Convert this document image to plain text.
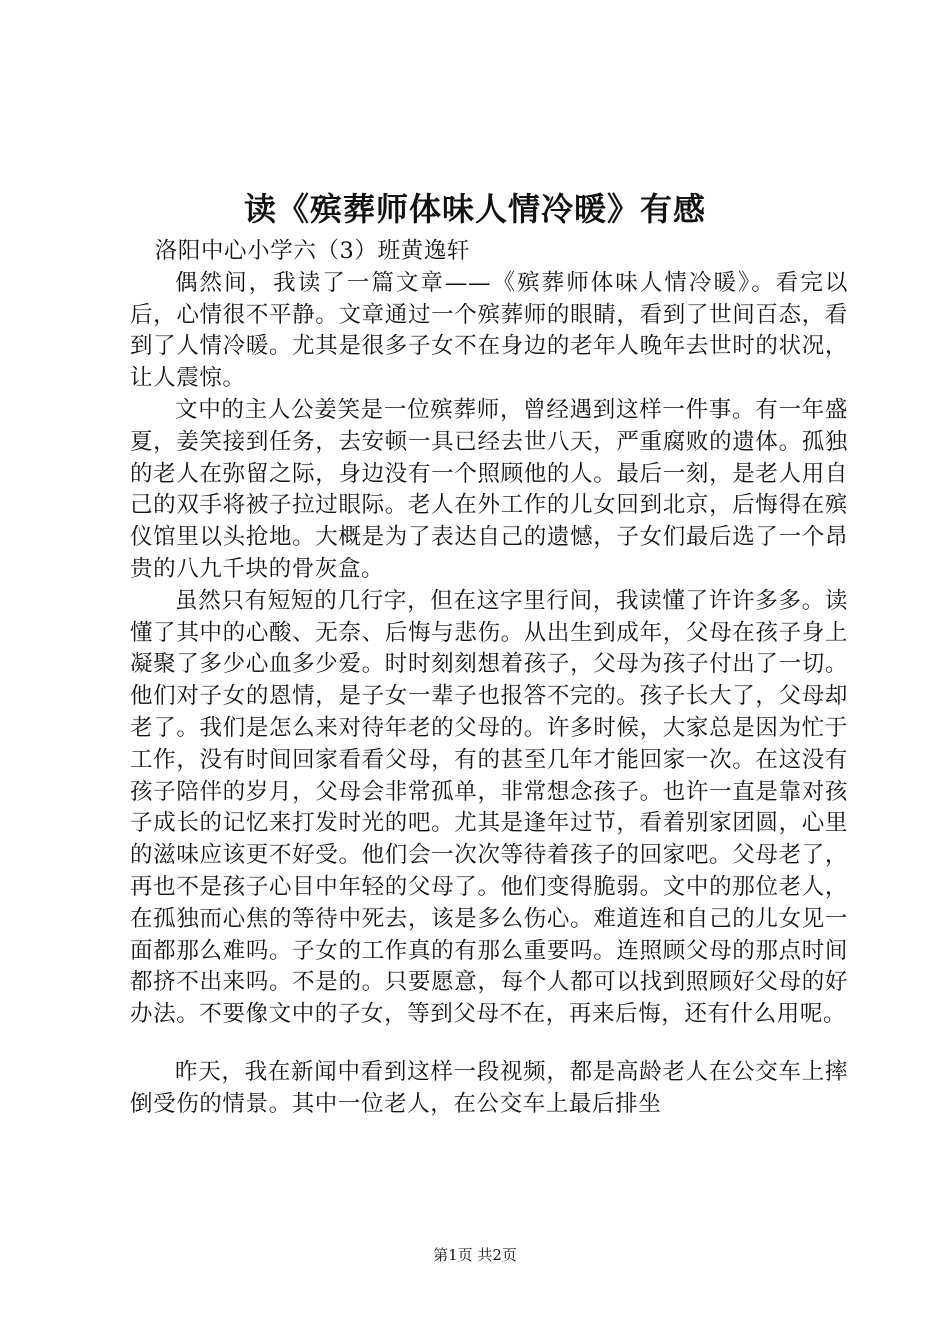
读《殡葬师体味人情冷暖》有感

洛阳中心小学六（3）班黄逸轩

偶然间，我读了一篇文章——《殡葬师体味人情冷暖》。看完以后，心情很不平静。文章通过一个殡葬师的眼睛，看到了世间百态，看到了人情冷暖。尤其是很多子女不在身边的老年人晚年去世时的状况，让人震惊。

文中的主人公姜笑是一位殡葬师，曾经遇到这样一件事。有一年盛夏，姜笑接到任务，去安顿一具已经去世八天，严重腐败的遗体。孤独的老人在弥留之际，身边没有一个照顾他的人。最后一刻，是老人用自己的双手将被子拉过眼际。老人在外工作的儿女回到北京，后悔得在殡仪馆里以头抢地。大概是为了表达自己的遗憾，子女们最后选了一个昂贵的八九千块的骨灰盒。

虽然只有短短的几行字，但在这字里行间，我读懂了许许多多。读懂了其中的心酸、无奈、后悔与悲伤。从出生到成年，父母在孩子身上凝聚了多少心血多少爱。时时刻刻想着孩子，父母为孩子付出了一切。他们对子女的恩情，是子女一辈子也报答不完的。孩子长大了，父母却老了。我们是怎么来对待年老的父母的。许多时候，大家总是因为忙于工作，没有时间回家看看父母，有的甚至几年才能回家一次。在这没有孩子陪伴的岁月，父母会非常孤单，非常想念孩子。也许一直是靠对孩子成长的记忆来打发时光的吧。尤其是逢年过节，看着别家团圆，心里的滋味应该更不好受。他们会一次次等待着孩子的回家吧。父母老了，再也不是孩子心目中年轻的父母了。他们变得脆弱。文中的那位老人，在孤独而心焦的等待中死去，该是多么伤心。难道连和自己的儿女见一面都那么难吗。子女的工作真的有那么重要吗。连照顾父母的那点时间都挤不出来吗。不是的。只要愿意，每个人都可以找到照顾好父母的好办法。不要像文中的子女，等到父母不在，再来后悔，还有什么用呢。

昨天，我在新闻中看到这样一段视频，都是高龄老人在公交车上摔倒受伤的情景。其中一位老人，在公交车上最后排坐

第1页 共2页
